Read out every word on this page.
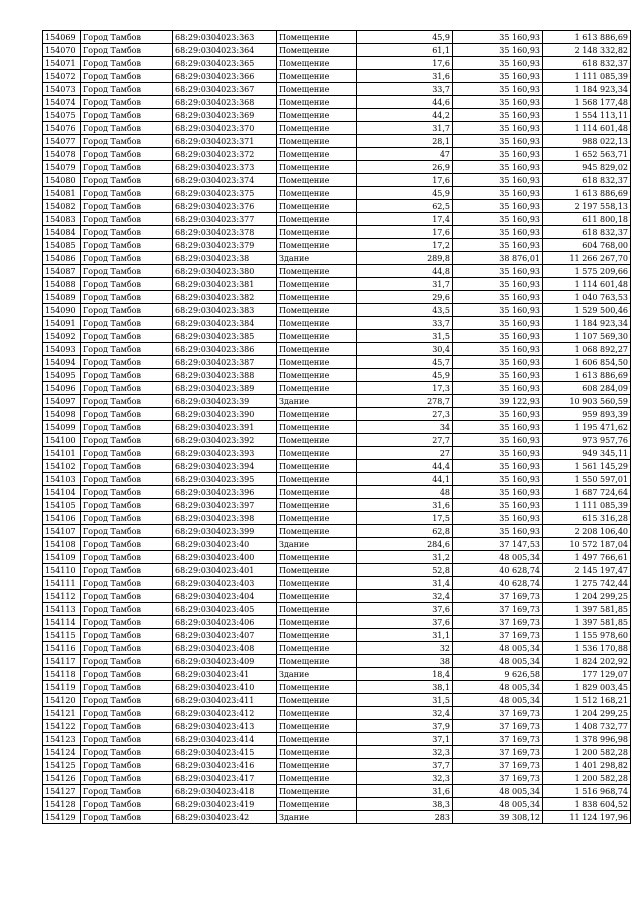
154069	Город Тамбов	68:29:0304023:363	Помещение	45,9	35 160,93	1 613 886,69
154070	Город Тамбов	68:29:0304023:364	Помещение	61,1	35 160,93	2 148 332,82
154071	Город Тамбов	68:29:0304023:365	Помещение	17,6	35 160,93	618 832,37
154072	Город Тамбов	68:29:0304023:366	Помещение	31,6	35 160,93	1 111 085,39
154073	Город Тамбов	68:29:0304023:367	Помещение	33,7	35 160,93	1 184 923,34
154074	Город Тамбов	68:29:0304023:368	Помещение	44,6	35 160,93	1 568 177,48
154075	Город Тамбов	68:29:0304023:369	Помещение	44,2	35 160,93	1 554 113,11
154076	Город Тамбов	68:29:0304023:370	Помещение	31,7	35 160,93	1 114 601,48
154077	Город Тамбов	68:29:0304023:371	Помещение	28,1	35 160,93	988 022,13
154078	Город Тамбов	68:29:0304023:372	Помещение	47	35 160,93	1 652 563,71
154079	Город Тамбов	68:29:0304023:373	Помещение	26,9	35 160,93	945 829,02
154080	Город Тамбов	68:29:0304023:374	Помещение	17,6	35 160,93	618 832,37
154081	Город Тамбов	68:29:0304023:375	Помещение	45,9	35 160,93	1 613 886,69
154082	Город Тамбов	68:29:0304023:376	Помещение	62,5	35 160,93	2 197 558,13
154083	Город Тамбов	68:29:0304023:377	Помещение	17,4	35 160,93	611 800,18
154084	Город Тамбов	68:29:0304023:378	Помещение	17,6	35 160,93	618 832,37
154085	Город Тамбов	68:29:0304023:379	Помещение	17,2	35 160,93	604 768,00
154086	Город Тамбов	68:29:0304023:38	Здание	289,8	38 876,01	11 266 267,70
154087	Город Тамбов	68:29:0304023:380	Помещение	44,8	35 160,93	1 575 209,66
154088	Город Тамбов	68:29:0304023:381	Помещение	31,7	35 160,93	1 114 601,48
154089	Город Тамбов	68:29:0304023:382	Помещение	29,6	35 160,93	1 040 763,53
154090	Город Тамбов	68:29:0304023:383	Помещение	43,5	35 160,93	1 529 500,46
154091	Город Тамбов	68:29:0304023:384	Помещение	33,7	35 160,93	1 184 923,34
154092	Город Тамбов	68:29:0304023:385	Помещение	31,5	35 160,93	1 107 569,30
154093	Город Тамбов	68:29:0304023:386	Помещение	30,4	35 160,93	1 068 892,27
154094	Город Тамбов	68:29:0304023:387	Помещение	45,7	35 160,93	1 606 854,50
154095	Город Тамбов	68:29:0304023:388	Помещение	45,9	35 160,93	1 613 886,69
154096	Город Тамбов	68:29:0304023:389	Помещение	17,3	35 160,93	608 284,09
154097	Город Тамбов	68:29:0304023:39	Здание	278,7	39 122,93	10 903 560,59
154098	Город Тамбов	68:29:0304023:390	Помещение	27,3	35 160,93	959 893,39
154099	Город Тамбов	68:29:0304023:391	Помещение	34	35 160,93	1 195 471,62
154100	Город Тамбов	68:29:0304023:392	Помещение	27,7	35 160,93	973 957,76
154101	Город Тамбов	68:29:0304023:393	Помещение	27	35 160,93	949 345,11
154102	Город Тамбов	68:29:0304023:394	Помещение	44,4	35 160,93	1 561 145,29
154103	Город Тамбов	68:29:0304023:395	Помещение	44,1	35 160,93	1 550 597,01
154104	Город Тамбов	68:29:0304023:396	Помещение	48	35 160,93	1 687 724,64
154105	Город Тамбов	68:29:0304023:397	Помещение	31,6	35 160,93	1 111 085,39
154106	Город Тамбов	68:29:0304023:398	Помещение	17,5	35 160,93	615 316,28
154107	Город Тамбов	68:29:0304023:399	Помещение	62,8	35 160,93	2 208 106,40
154108	Город Тамбов	68:29:0304023:40	Здание	284,6	37 147,53	10 572 187,04
154109	Город Тамбов	68:29:0304023:400	Помещение	31,2	48 005,34	1 497 766,61
154110	Город Тамбов	68:29:0304023:401	Помещение	52,8	40 628,74	2 145 197,47
154111	Город Тамбов	68:29:0304023:403	Помещение	31,4	40 628,74	1 275 742,44
154112	Город Тамбов	68:29:0304023:404	Помещение	32,4	37 169,73	1 204 299,25
154113	Город Тамбов	68:29:0304023:405	Помещение	37,6	37 169,73	1 397 581,85
154114	Город Тамбов	68:29:0304023:406	Помещение	37,6	37 169,73	1 397 581,85
154115	Город Тамбов	68:29:0304023:407	Помещение	31,1	37 169,73	1 155 978,60
154116	Город Тамбов	68:29:0304023:408	Помещение	32	48 005,34	1 536 170,88
154117	Город Тамбов	68:29:0304023:409	Помещение	38	48 005,34	1 824 202,92
154118	Город Тамбов	68:29:0304023:41	Здание	18,4	9 626,58	177 129,07
154119	Город Тамбов	68:29:0304023:410	Помещение	38,1	48 005,34	1 829 003,45
154120	Город Тамбов	68:29:0304023:411	Помещение	31,5	48 005,34	1 512 168,21
154121	Город Тамбов	68:29:0304023:412	Помещение	32,4	37 169,73	1 204 299,25
154122	Город Тамбов	68:29:0304023:413	Помещение	37,9	37 169,73	1 408 732,77
154123	Город Тамбов	68:29:0304023:414	Помещение	37,1	37 169,73	1 378 996,98
154124	Город Тамбов	68:29:0304023:415	Помещение	32,3	37 169,73	1 200 582,28
154125	Город Тамбов	68:29:0304023:416	Помещение	37,7	37 169,73	1 401 298,82
154126	Город Тамбов	68:29:0304023:417	Помещение	32,3	37 169,73	1 200 582,28
154127	Город Тамбов	68:29:0304023:418	Помещение	31,6	48 005,34	1 516 968,74
154128	Город Тамбов	68:29:0304023:419	Помещение	38,3	48 005,34	1 838 604,52
154129	Город Тамбов	68:29:0304023:42	Здание	283	39 308,12	11 124 197,96
